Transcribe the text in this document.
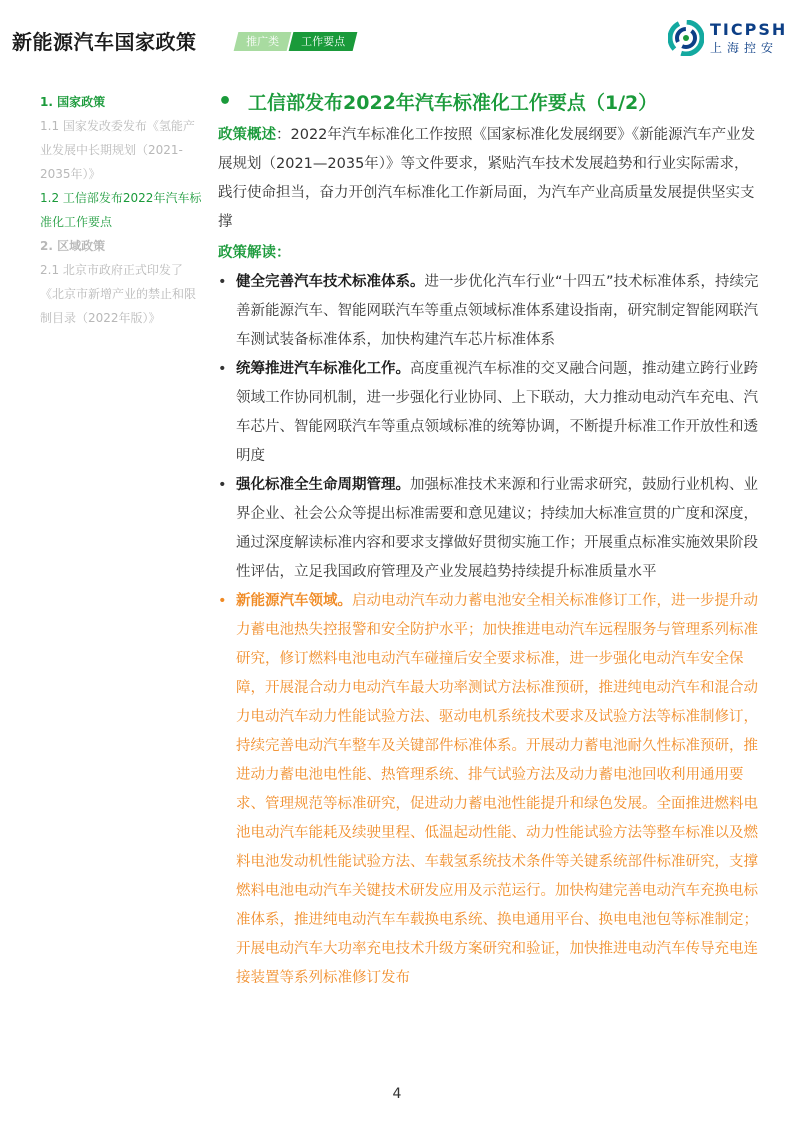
新能源汽车国家政策	推广类	工作要点
TICPSH
上海控安
1. 国家政策
1.1 国家发改委发布《氢能产业发展中长期规划（2021-2035年）》
1.2 工信部发布2022年汽车标准化工作要点
2. 区域政策
2.1 北京市政府正式印发了《北京市新增产业的禁止和限制目录（2022年版）》
• 工信部发布2022年汽车标准化工作要点（1/2）
政策概述：2022年汽车标准化工作按照《国家标准化发展纲要》《新能源汽车产业发展规划（2021—2035年）》等文件要求，紧贴汽车技术发展趋势和行业实际需求，践行使命担当，奋力开创汽车标准化工作新局面，为汽车产业高质量发展提供坚实支撑
政策解读：
• 健全完善汽车技术标准体系。进一步优化汽车行业“十四五”技术标准体系，持续完善新能源汽车、智能网联汽车等重点领域标准体系建设指南，研究制定智能网联汽车测试装备标准体系，加快构建汽车芯片标准体系
• 统筹推进汽车标准化工作。高度重视汽车标准的交叉融合问题，推动建立跨行业跨领域工作协同机制，进一步强化行业协同、上下联动，大力推动电动汽车充电、汽车芯片、智能网联汽车等重点领域标准的统筹协调，不断提升标准工作开放性和透明度
• 强化标准全生命周期管理。加强标准技术来源和行业需求研究，鼓励行业机构、业界企业、社会公众等提出标准需要和意见建议；持续加大标准宣贯的广度和深度，通过深度解读标准内容和要求支撑做好贯彻实施工作；开展重点标准实施效果阶段性评估，立足我国政府管理及产业发展趋势持续提升标准质量水平
• 新能源汽车领域。启动电动汽车动力蓄电池安全相关标准修订工作，进一步提升动力蓄电池热失控报警和安全防护水平；加快推进电动汽车远程服务与管理系列标准研究，修订燃料电池电动汽车碰撞后安全要求标准，进一步强化电动汽车安全保障，开展混合动力电动汽车最大功率测试方法标准预研，推进纯电动汽车和混合动力电动汽车动力性能试验方法、驱动电机系统技术要求及试验方法等标准制修订，持续完善电动汽车整车及关键部件标准体系。开展动力蓄电池耐久性标准预研，推进动力蓄电池电性能、热管理系统、排气试验方法及动力蓄电池回收利用通用要求、管理规范等标准研究，促进动力蓄电池性能提升和绿色发展。全面推进燃料电池电动汽车能耗及续驶里程、低温起动性能、动力性能试验方法等整车标准以及燃料电池发动机性能试验方法、车载氢系统技术条件等关键系统部件标准研究，支撑燃料电池电动汽车关键技术研发应用及示范运行。加快构建完善电动汽车充换电标准体系，推进纯电动汽车车载换电系统、换电通用平台、换电电池包等标准制定；开展电动汽车大功率充电技术升级方案研究和验证，加快推进电动汽车传导充电连接装置等系列标准修订发布
4
